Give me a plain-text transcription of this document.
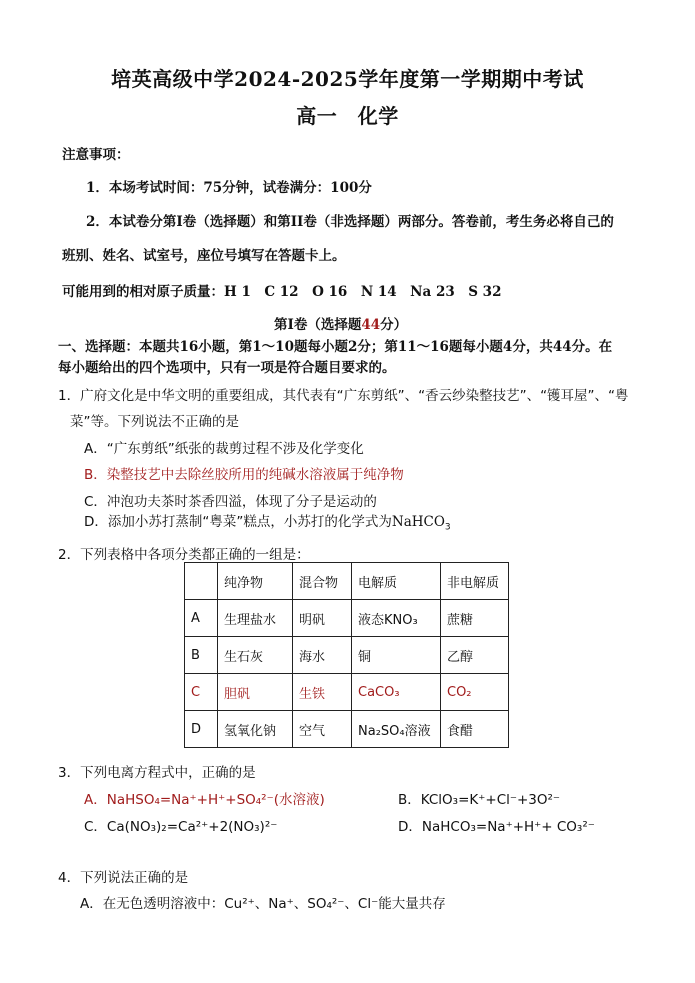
培英高级中学2024-2025学年度第一学期期中考试
高一　化学
注意事项：
1．本场考试时间：75分钟，试卷满分：100分
2．本试卷分第I卷（选择题）和第II卷（非选择题）两部分。答卷前，考生务必将自己的
班别、姓名、试室号，座位号填写在答题卡上。
可能用到的相对原子质量：H 1　C 12　O 16　N 14　Na 23　S 32
第I卷（选择题44分）
一、选择题：本题共16小题，第1～10题每小题2分；第11～16题每小题4分，共44分。在
每小题给出的四个选项中，只有一项是符合题目要求的。
1．广府文化是中华文明的重要组成，其代表有“广东剪纸”、“香云纱染整技艺”、“镬耳屋”、“粤
菜”等。下列说法不正确的是
A．“广东剪纸”纸张的裁剪过程不涉及化学变化
B．染整技艺中去除丝胶所用的纯碱水溶液属于纯净物
C．冲泡功夫茶时茶香四溢，体现了分子是运动的
D．添加小苏打蒸制“粤菜”糕点，小苏打的化学式为NaHCO$_3$
2．下列表格中各项分类都正确的一组是：
	纯净物	混合物	电解质	非电解质
A	生理盐水	明矾	液态KNO₃	蔗糖
B	生石灰	海水	铜	乙醇
C	胆矾	生铁	CaCO₃	CO₂
D	氢氧化钠	空气	Na₂SO₄溶液	食醋
3．下列电离方程式中，正确的是
A．NaHSO₄=Na⁺+H⁺+SO₄²⁻(水溶液)	B．KClO₃=K⁺+Cl⁻+3O²⁻
C．Ca(NO₃)₂=Ca²⁺+2(NO₃)²⁻	D．NaHCO₃=Na⁺+H⁺+ CO₃²⁻
4．下列说法正确的是
A．在无色透明溶液中：Cu²⁺、Na⁺、SO₄²⁻、Cl⁻能大量共存
